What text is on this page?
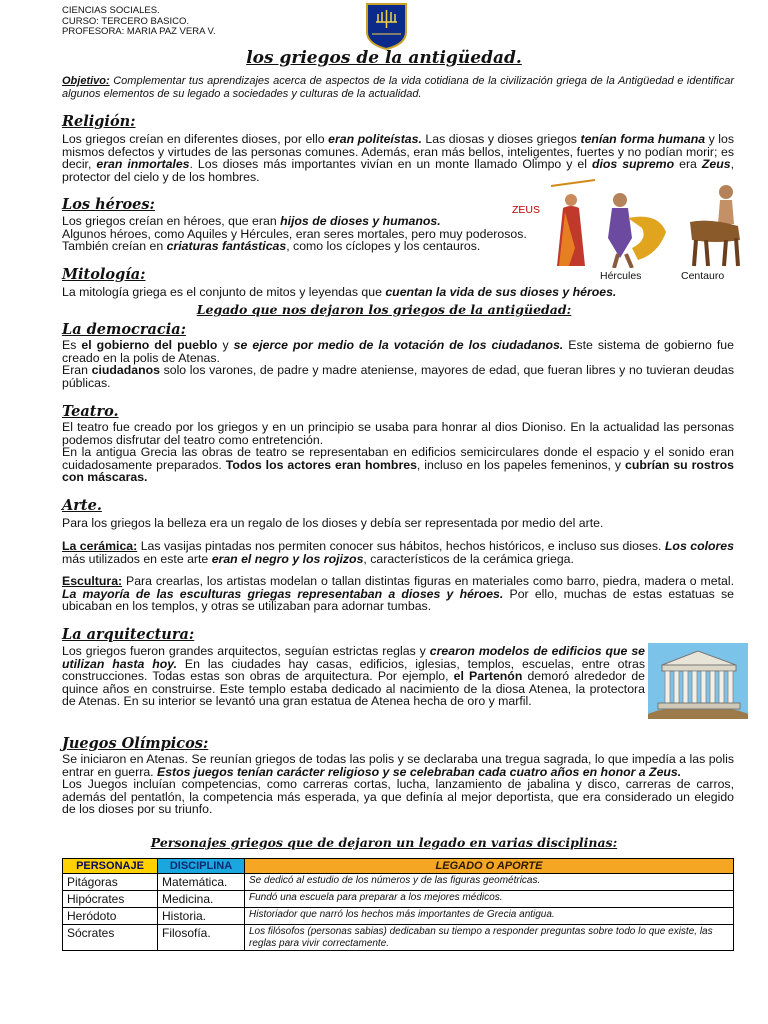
CIENCIAS SOCIALES.
CURSO: TERCERO BASICO.
PROFESORA: MARIA PAZ VERA V.
los griegos de la antigüedad.
Objetivo: Complementar tus aprendizajes acerca de aspectos de la vida cotidiana de la civilización griega de la Antigüedad e identificar algunos elementos de su legado a sociedades y culturas de la actualidad.
Religión:
Los griegos creían en diferentes dioses, por ello eran politeístas. Las diosas y dioses griegos tenían forma humana y los mismos defectos y virtudes de las personas comunes. Además, eran más bellos, inteligentes, fuertes y no podían morir; es decir, eran inmortales. Los dioses más importantes vivían en un monte llamado Olimpo y el dios supremo era Zeus, protector del cielo y de los hombres.
Los héroes:
Los griegos creían en héroes, que eran hijos de dioses y humanos.
Algunos héroes, como Aquiles y Hércules, eran seres mortales, pero muy poderosos.
También creían en criaturas fantásticas, como los cíclopes y los centauros.
ZEUS
Hércules	Centauro
Mitología:
La mitología griega es el conjunto de mitos y leyendas que cuentan la vida de sus dioses y héroes.
Legado que nos dejaron los griegos de la antigüedad:
La democracia:
Es el gobierno del pueblo y se ejerce por medio de la votación de los ciudadanos. Este sistema de gobierno fue creado en la polis de Atenas.
Eran ciudadanos solo los varones, de padre y madre ateniense, mayores de edad, que fueran libres y no tuvieran deudas públicas.
Teatro.
El teatro fue creado por los griegos y en un principio se usaba para honrar al dios Dioniso. En la actualidad las personas podemos disfrutar del teatro como entretención.
En la antigua Grecia las obras de teatro se representaban en edificios semicirculares donde el espacio y el sonido eran cuidadosamente preparados. Todos los actores eran hombres, incluso en los papeles femeninos, y cubrían su rostros con máscaras.
Arte.
Para los griegos la belleza era un regalo de los dioses y debía ser representada por medio del arte.
La cerámica: Las vasijas pintadas nos permiten conocer sus hábitos, hechos históricos, e incluso sus dioses. Los colores más utilizados en este arte eran el negro y los rojizos, característicos de la cerámica griega.
Escultura: Para crearlas, los artistas modelan o tallan distintas figuras en materiales como barro, piedra, madera o metal. La mayoría de las esculturas griegas representaban a dioses y héroes. Por ello, muchas de estas estatuas se ubicaban en los templos, y otras se utilizaban para adornar tumbas.
La arquitectura:
Los griegos fueron grandes arquitectos, seguían estrictas reglas y crearon modelos de edificios que se utilizan hasta hoy. En las ciudades hay casas, edificios, iglesias, templos, escuelas, entre otras construcciones. Todas estas son obras de arquitectura. Por ejemplo, el Partenón demoró alrededor de quince años en construirse. Este templo estaba dedicado al nacimiento de la diosa Atenea, la protectora de Atenas. En su interior se levantó una gran estatua de Atenea hecha de oro y marfil.
Juegos Olímpicos:
Se iniciaron en Atenas. Se reunían griegos de todas las polis y se declaraba una tregua sagrada, lo que impedía a las polis entrar en guerra. Estos juegos tenían carácter religioso y se celebraban cada cuatro años en honor a Zeus.
Los Juegos incluían competencias, como carreras cortas, lucha, lanzamiento de jabalina y disco, carreras de carros, además del pentatlón, la competencia más esperada, ya que definía al mejor deportista, que era considerado un elegido de los dioses por su triunfo.
Personajes griegos que de dejaron un legado en varias disciplinas:
PERSONAJE	DISCIPLINA	LEGADO O APORTE
Pitágoras	Matemática.	Se dedicó al estudio de los números y de las figuras geométricas.
Hipócrates	Medicina.	Fundó una escuela para preparar a los mejores médicos.
Heródoto	Historia.	Historiador que narró los hechos más importantes de Grecia antigua.
Sócrates	Filosofía.	Los filósofos (personas sabias) dedicaban su tiempo a responder preguntas sobre todo lo que existe, las reglas para vivir correctamente.
